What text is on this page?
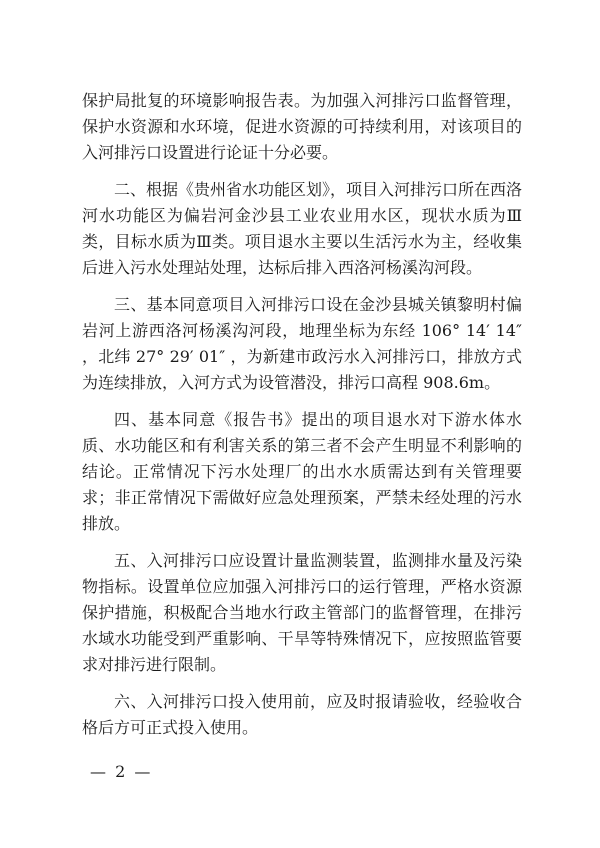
保护局批复的环境影响报告表。为加强入河排污口监督管理，保护水资源和水环境，促进水资源的可持续利用，对该项目的入河排污口设置进行论证十分必要。

二、根据《贵州省水功能区划》，项目入河排污口所在西洛河水功能区为偏岩河金沙县工业农业用水区，现状水质为Ⅲ类，目标水质为Ⅲ类。项目退水主要以生活污水为主，经收集后进入污水处理站处理，达标后排入西洛河杨溪沟河段。

三、基本同意项目入河排污口设在金沙县城关镇黎明村偏岩河上游西洛河杨溪沟河段，地理坐标为东经 106° 14′ 14″ ，北纬 27° 29′ 01″ ，为新建市政污水入河排污口，排放方式为连续排放，入河方式为设管潜没，排污口高程 908.6m。

四、基本同意《报告书》提出的项目退水对下游水体水质、水功能区和有利害关系的第三者不会产生明显不利影响的结论。正常情况下污水处理厂的出水水质需达到有关管理要求；非正常情况下需做好应急处理预案，严禁未经处理的污水排放。

五、入河排污口应设置计量监测装置，监测排水量及污染物指标。设置单位应加强入河排污口的运行管理，严格水资源保护措施，积极配合当地水行政主管部门的监督管理，在排污水域水功能受到严重影响、干旱等特殊情况下，应按照监管要求对排污进行限制。

六、入河排污口投入使用前，应及时报请验收，经验收合格后方可正式投入使用。

— 2 —
